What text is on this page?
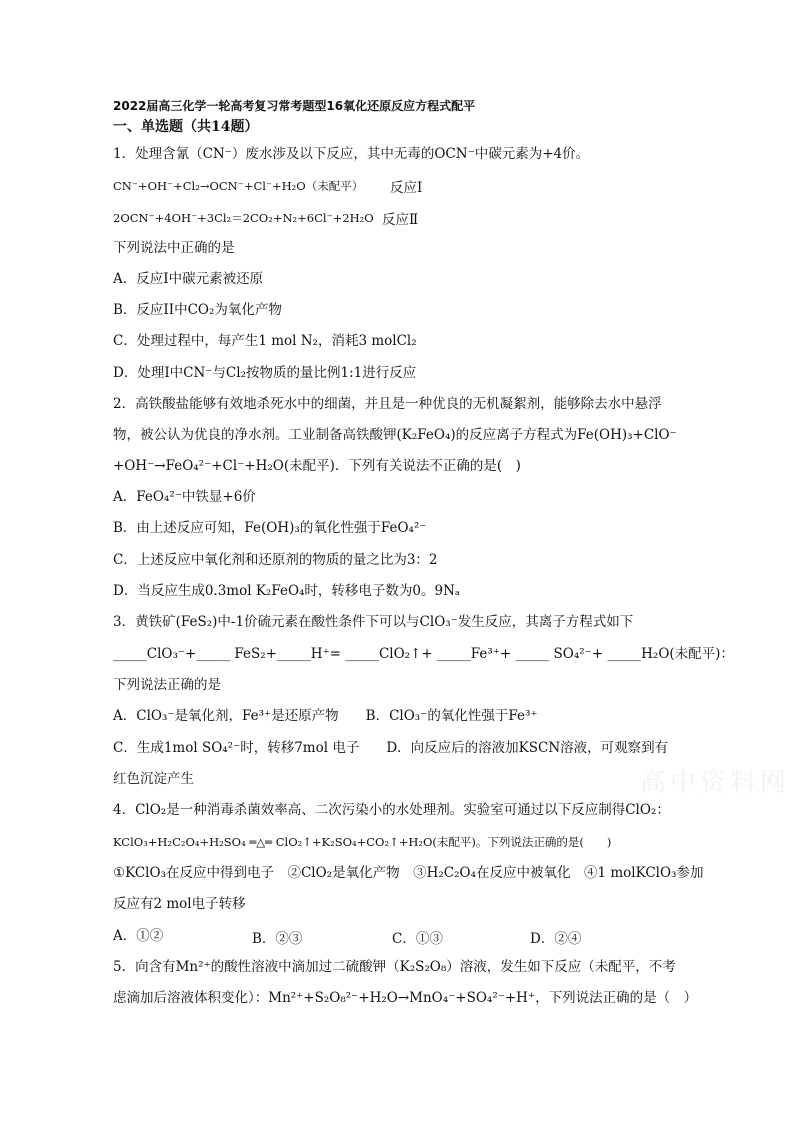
2022届高三化学一轮高考复习常考题型16氧化还原反应方程式配平
一、单选题（共14题）
1．处理含氰（CN⁻）废水涉及以下反应，其中无毒的OCN⁻中碳元素为+4价。
CN⁻+OH⁻+Cl₂→OCN⁻+Cl⁻+H₂O（未配平） 反应Ⅰ
2OCN⁻+4OH⁻+3Cl₂＝2CO₂+N₂+6Cl⁻+2H₂O 反应Ⅱ
下列说法中正确的是
A．反应Ⅰ中碳元素被还原
B．反应II中CO₂为氧化产物
C．处理过程中，每产生1 mol N₂，消耗3 molCl₂
D．处理Ⅰ中CN⁻与Cl₂按物质的量比例1:1进行反应
2．高铁酸盐能够有效地杀死水中的细菌，并且是一种优良的无机凝絮剂，能够除去水中悬浮
物，被公认为优良的净水剂。工业制备高铁酸钾(K₂FeO₄)的反应离子方程式为Fe(OH)₃+ClO⁻
+OH⁻→FeO₄²⁻+Cl⁻+H₂O(未配平)．下列有关说法不正确的是(　)
A．FeO₄²⁻中铁显+6价
B．由上述反应可知，Fe(OH)₃的氧化性强于FeO₄²⁻
C．上述反应中氧化剂和还原剂的物质的量之比为3：2
D．当反应生成0.3mol K₂FeO₄时，转移电子数为0。9Nₐ
3．黄铁矿(FeS₂)中-1价硫元素在酸性条件下可以与ClO₃⁻发生反应，其离子方程式如下
_____ClO₃⁻+_____ FeS₂+_____H⁺= _____ClO₂↑+ _____Fe³⁺+ _____ SO₄²⁻+ _____H₂O(未配平)：
下列说法正确的是
A．ClO₃⁻是氧化剂，Fe³⁺是还原产物　　B．ClO₃⁻的氧化性强于Fe³⁺
C．生成1mol SO₄²⁻时，转移7mol 电子　　D．向反应后的溶液加KSCN溶液，可观察到有
红色沉淀产生
4．ClO₂是一种消毒杀菌效率高、二次污染小的水处理剂。实验室可通过以下反应制得ClO₂：
KClO₃+H₂C₂O₄+H₂SO₄ ═△═ ClO₂↑+K₂SO₄+CO₂↑+H₂O(未配平)。下列说法正确的是(　　)
①KClO₃在反应中得到电子　②ClO₂是氧化产物　③H₂C₂O₄在反应中被氧化　④1 molKClO₃参加
反应有2 mol电子转移
A．①②	B．②③	C．①③	D．②④
5．向含有Mn²⁺的酸性溶液中滴加过二硫酸钾（K₂S₂O₈）溶液，发生如下反应（未配平，不考
虑滴加后溶液体积变化）：Mn²⁺+S₂O₈²⁻+H₂O→MnO₄⁻+SO₄²⁻+H⁺，下列说法正确的是（　）
高中资料网
